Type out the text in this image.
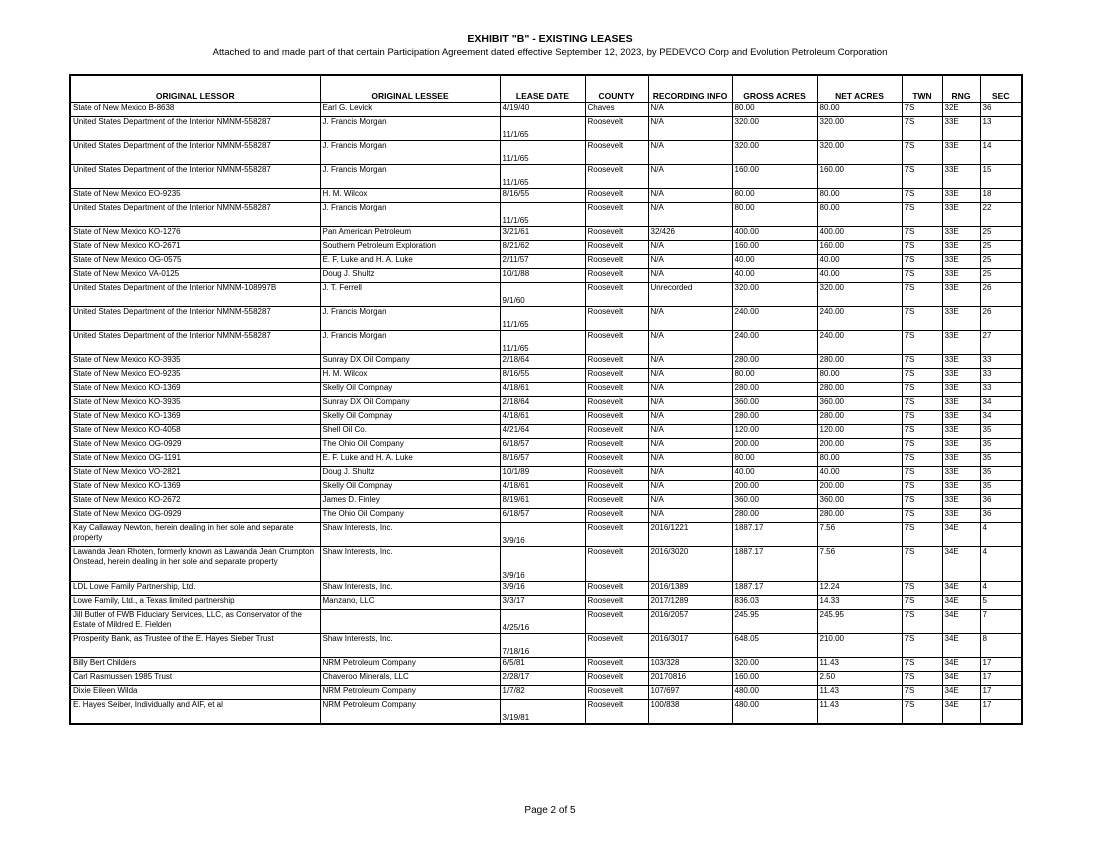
EXHIBIT "B" - EXISTING LEASES
Attached to and made part of that certain Participation Agreement dated effective September 12, 2023, by PEDEVCO Corp and Evolution Petroleum Corporation
ORIGINAL LESSOR	ORIGINAL LESSEE	LEASE DATE	COUNTY	RECORDING INFO	GROSS ACRES	NET ACRES	TWN	RNG	SEC
State of New Mexico B-8638	Earl G. Levick	4/19/40	Chaves	N/A	80.00	80.00	7S	32E	36
United States Department of the Interior NMNM-558287	J. Francis Morgan	11/1/65	Roosevelt	N/A	320.00	320.00	7S	33E	13
United States Department of the Interior NMNM-558287	J. Francis Morgan	11/1/65	Roosevelt	N/A	320.00	320.00	7S	33E	14
United States Department of the Interior NMNM-558287	J. Francis Morgan	11/1/65	Roosevelt	N/A	160.00	160.00	7S	33E	15
State of New Mexico EO-9235	H. M. Wilcox	8/16/55	Roosevelt	N/A	80.00	80.00	7S	33E	18
United States Department of the Interior NMNM-558287	J. Francis Morgan	11/1/65	Roosevelt	N/A	80.00	80.00	7S	33E	22
State of New Mexico KO-1276	Pan American Petroleum	3/21/61	Roosevelt	32/426	400.00	400.00	7S	33E	25
State of New Mexico KO-2671	Southern Petroleum Exploration	8/21/62	Roosevelt	N/A	160.00	160.00	7S	33E	25
State of New Mexico OG-0575	E. F. Luke and H. A. Luke	2/11/57	Roosevelt	N/A	40.00	40.00	7S	33E	25
State of New Mexico VA-0125	Doug J. Shultz	10/1/88	Roosevelt	N/A	40.00	40.00	7S	33E	25
United States Department of the Interior NMNM-108997B	J. T. Ferrell	9/1/60	Roosevelt	Unrecorded	320.00	320.00	7S	33E	26
United States Department of the Interior NMNM-558287	J. Francis Morgan	11/1/65	Roosevelt	N/A	240.00	240.00	7S	33E	26
United States Department of the Interior NMNM-558287	J. Francis Morgan	11/1/65	Roosevelt	N/A	240.00	240.00	7S	33E	27
State of New Mexico KO-3935	Sunray DX Oil Company	2/18/64	Roosevelt	N/A	280.00	280.00	7S	33E	33
State of New Mexico EO-9235	H. M. Wilcox	8/16/55	Roosevelt	N/A	80.00	80.00	7S	33E	33
State of New Mexico KO-1369	Skelly Oil Compnay	4/18/61	Roosevelt	N/A	280.00	280.00	7S	33E	33
State of New Mexico KO-3935	Sunray DX Oil Company	2/18/64	Roosevelt	N/A	360.00	360.00	7S	33E	34
State of New Mexico KO-1369	Skelly Oil Compnay	4/18/61	Roosevelt	N/A	280.00	280.00	7S	33E	34
State of New Mexico KO-4058	Shell Oil Co.	4/21/64	Roosevelt	N/A	120.00	120.00	7S	33E	35
State of New Mexico OG-0929	The Ohio Oil Company	6/18/57	Roosevelt	N/A	200.00	200.00	7S	33E	35
State of New Mexico OG-1191	E. F. Luke and H. A. Luke	8/16/57	Roosevelt	N/A	80.00	80.00	7S	33E	35
State of New Mexico VO-2821	Doug J. Shultz	10/1/89	Roosevelt	N/A	40.00	40.00	7S	33E	35
State of New Mexico KO-1369	Skelly Oil Compnay	4/18/61	Roosevelt	N/A	200.00	200.00	7S	33E	35
State of New Mexico KO-2672	James D. Finley	8/19/61	Roosevelt	N/A	360.00	360.00	7S	33E	36
State of New Mexico OG-0929	The Ohio Oil Company	6/18/57	Roosevelt	N/A	280.00	280.00	7S	33E	36
Kay Callaway Newton, herein dealing in her sole and separate property	Shaw Interests, Inc.	3/9/16	Roosevelt	2016/1221	1887.17	7.56	7S	34E	4
Lawanda Jean Rhoten, formerly known as Lawanda Jean Crumpton Onstead, herein dealing in her sole and separate property	Shaw Interests, Inc.	3/9/16	Roosevelt	2016/3020	1887.17	7.56	7S	34E	4
LDL Lowe Family Partnership, Ltd.	Shaw Interests, Inc.	3/9/16	Roosevelt	2016/1389	1887.17	12.24	7S	34E	4
Lowe Family, Ltd., a Texas limited partnership	Manzano, LLC	3/3/17	Roosevelt	2017/1289	836.03	14.33	7S	34E	5
Jill Butler of FWB Fiduciary Services, LLC, as Conservator of the Estate of Mildred E. Fielden		4/25/16	Roosevelt	2016/2057	245.95	245.95	7S	34E	7
Prosperity Bank, as Trustee of the E. Hayes Sieber Trust	Shaw Interests, Inc.	7/18/16	Roosevelt	2016/3017	648.05	210.00	7S	34E	8
Billy Bert Childers	NRM Petroleum Company	6/5/81	Roosevelt	103/328	320.00	11.43	7S	34E	17
Carl Rasmussen 1985 Trust	Chaveroo Minerals, LLC	2/28/17	Roosevelt	20170816	160.00	2.50	7S	34E	17
Dixie Eileen Wilda	NRM Petroleum Company	1/7/82	Roosevelt	107/697	480.00	11.43	7S	34E	17
E. Hayes Seiber, Individually and AIF, et al	NRM Petroleum Company	3/19/81	Roosevelt	100/838	480.00	11.43	7S	34E	17
Page 2 of 5
